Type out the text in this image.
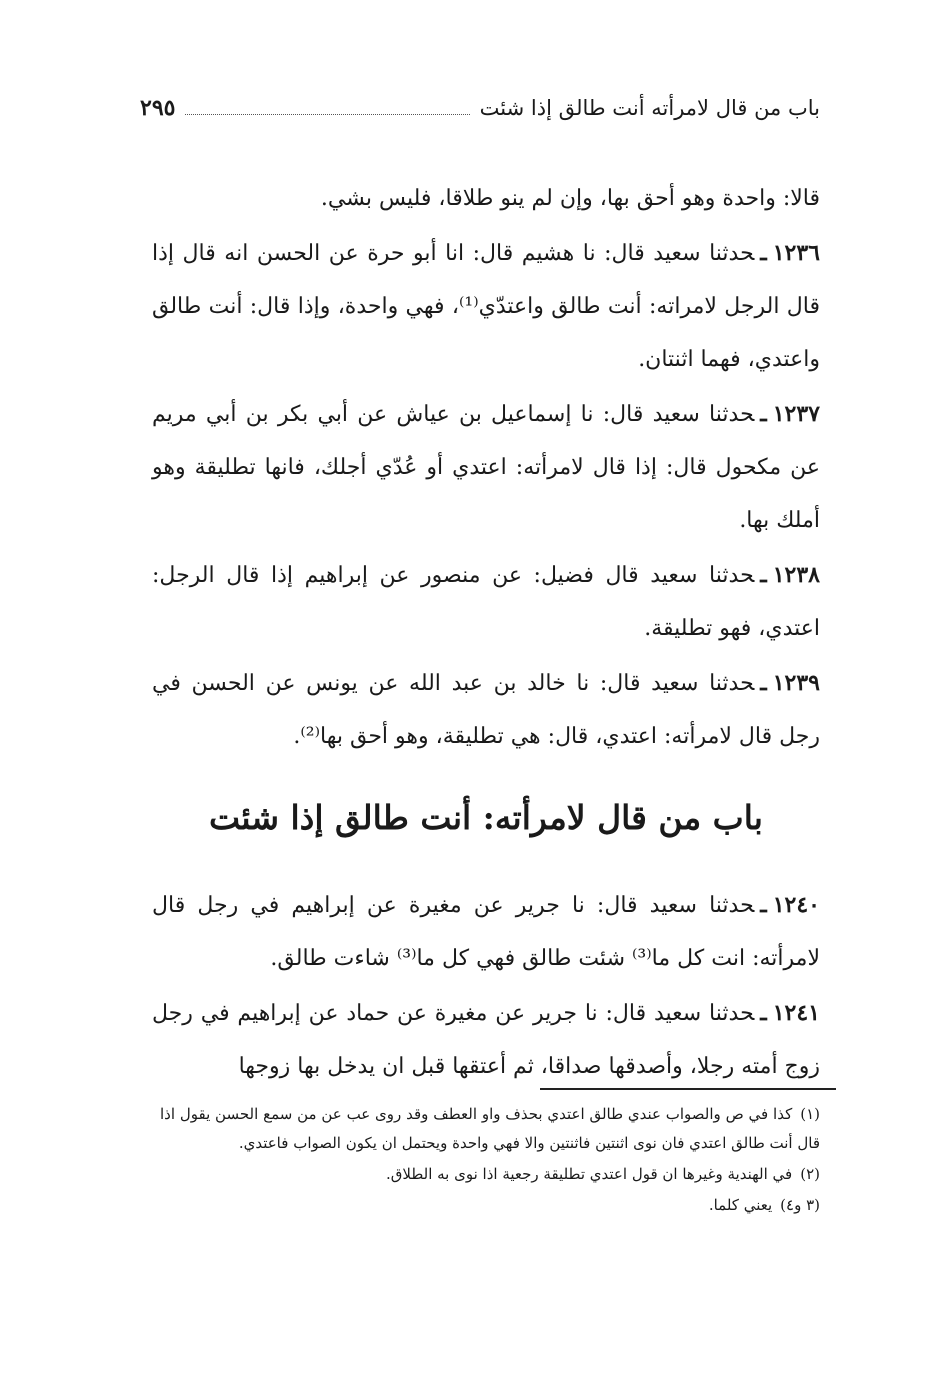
باب من قال لامرأته أنت طالق إذا شئت
٢٩٥

قالا: واحدة وهو أحق بها، وإن لم ينو طلاقا، فليس بشي.

١٢٣٦ـحدثنا سعيد قال: نا هشيم قال: انا أبو حرة عن الحسن انه قال إذا قال الرجل لامراته: أنت طالق واعتدّي⁽¹⁾، فهي واحدة، وإذا قال: أنت طالق واعتدي، فهما اثنتان.

١٢٣٧ـحدثنا سعيد قال: نا إسماعيل بن عياش عن أبي بكر بن أبي مريم عن مكحول قال: إذا قال لامرأته: اعتدي أو عُدّي أجلك، فانها تطليقة وهو أملك بها.

١٢٣٨ـحدثنا سعيد قال فضيل: عن منصور عن إبراهيم إذا قال الرجل: اعتدي، فهو تطليقة.

١٢٣٩ـحدثنا سعيد قال: نا خالد بن عبد الله عن يونس عن الحسن في رجل قال لامرأته: اعتدي، قال: هي تطليقة، وهو أحق بها⁽²⁾.

باب من قال لامرأته: أنت طالق إذا شئت

١٢٤٠ـحدثنا سعيد قال: نا جرير عن مغيرة عن إبراهيم في رجل قال لامرأته: انت كل ما⁽³⁾ شئت طالق فهي كل ما⁽³⁾ شاءت طالق.

١٢٤١ـحدثنا سعيد قال: نا جرير عن مغيرة عن حماد عن إبراهيم في رجل زوج أمته رجلا، وأصدقها صداقا، ثم أعتقها قبل ان يدخل بها زوجها

(١)كذا في ص والصواب عندي طالق اعتدي بحذف واو العطف وقد روى عب عن من سمع الحسن يقول اذا قال أنت طالق اعتدي فان نوى اثنتين فاثنتين والا فهي واحدة ويحتمل ان يكون الصواب فاعتدي.

(٢)في الهندية وغيرها ان قول اعتدي تطليقة رجعية اذا نوى به الطلاق.

(٣ و٤)يعني كلما.
